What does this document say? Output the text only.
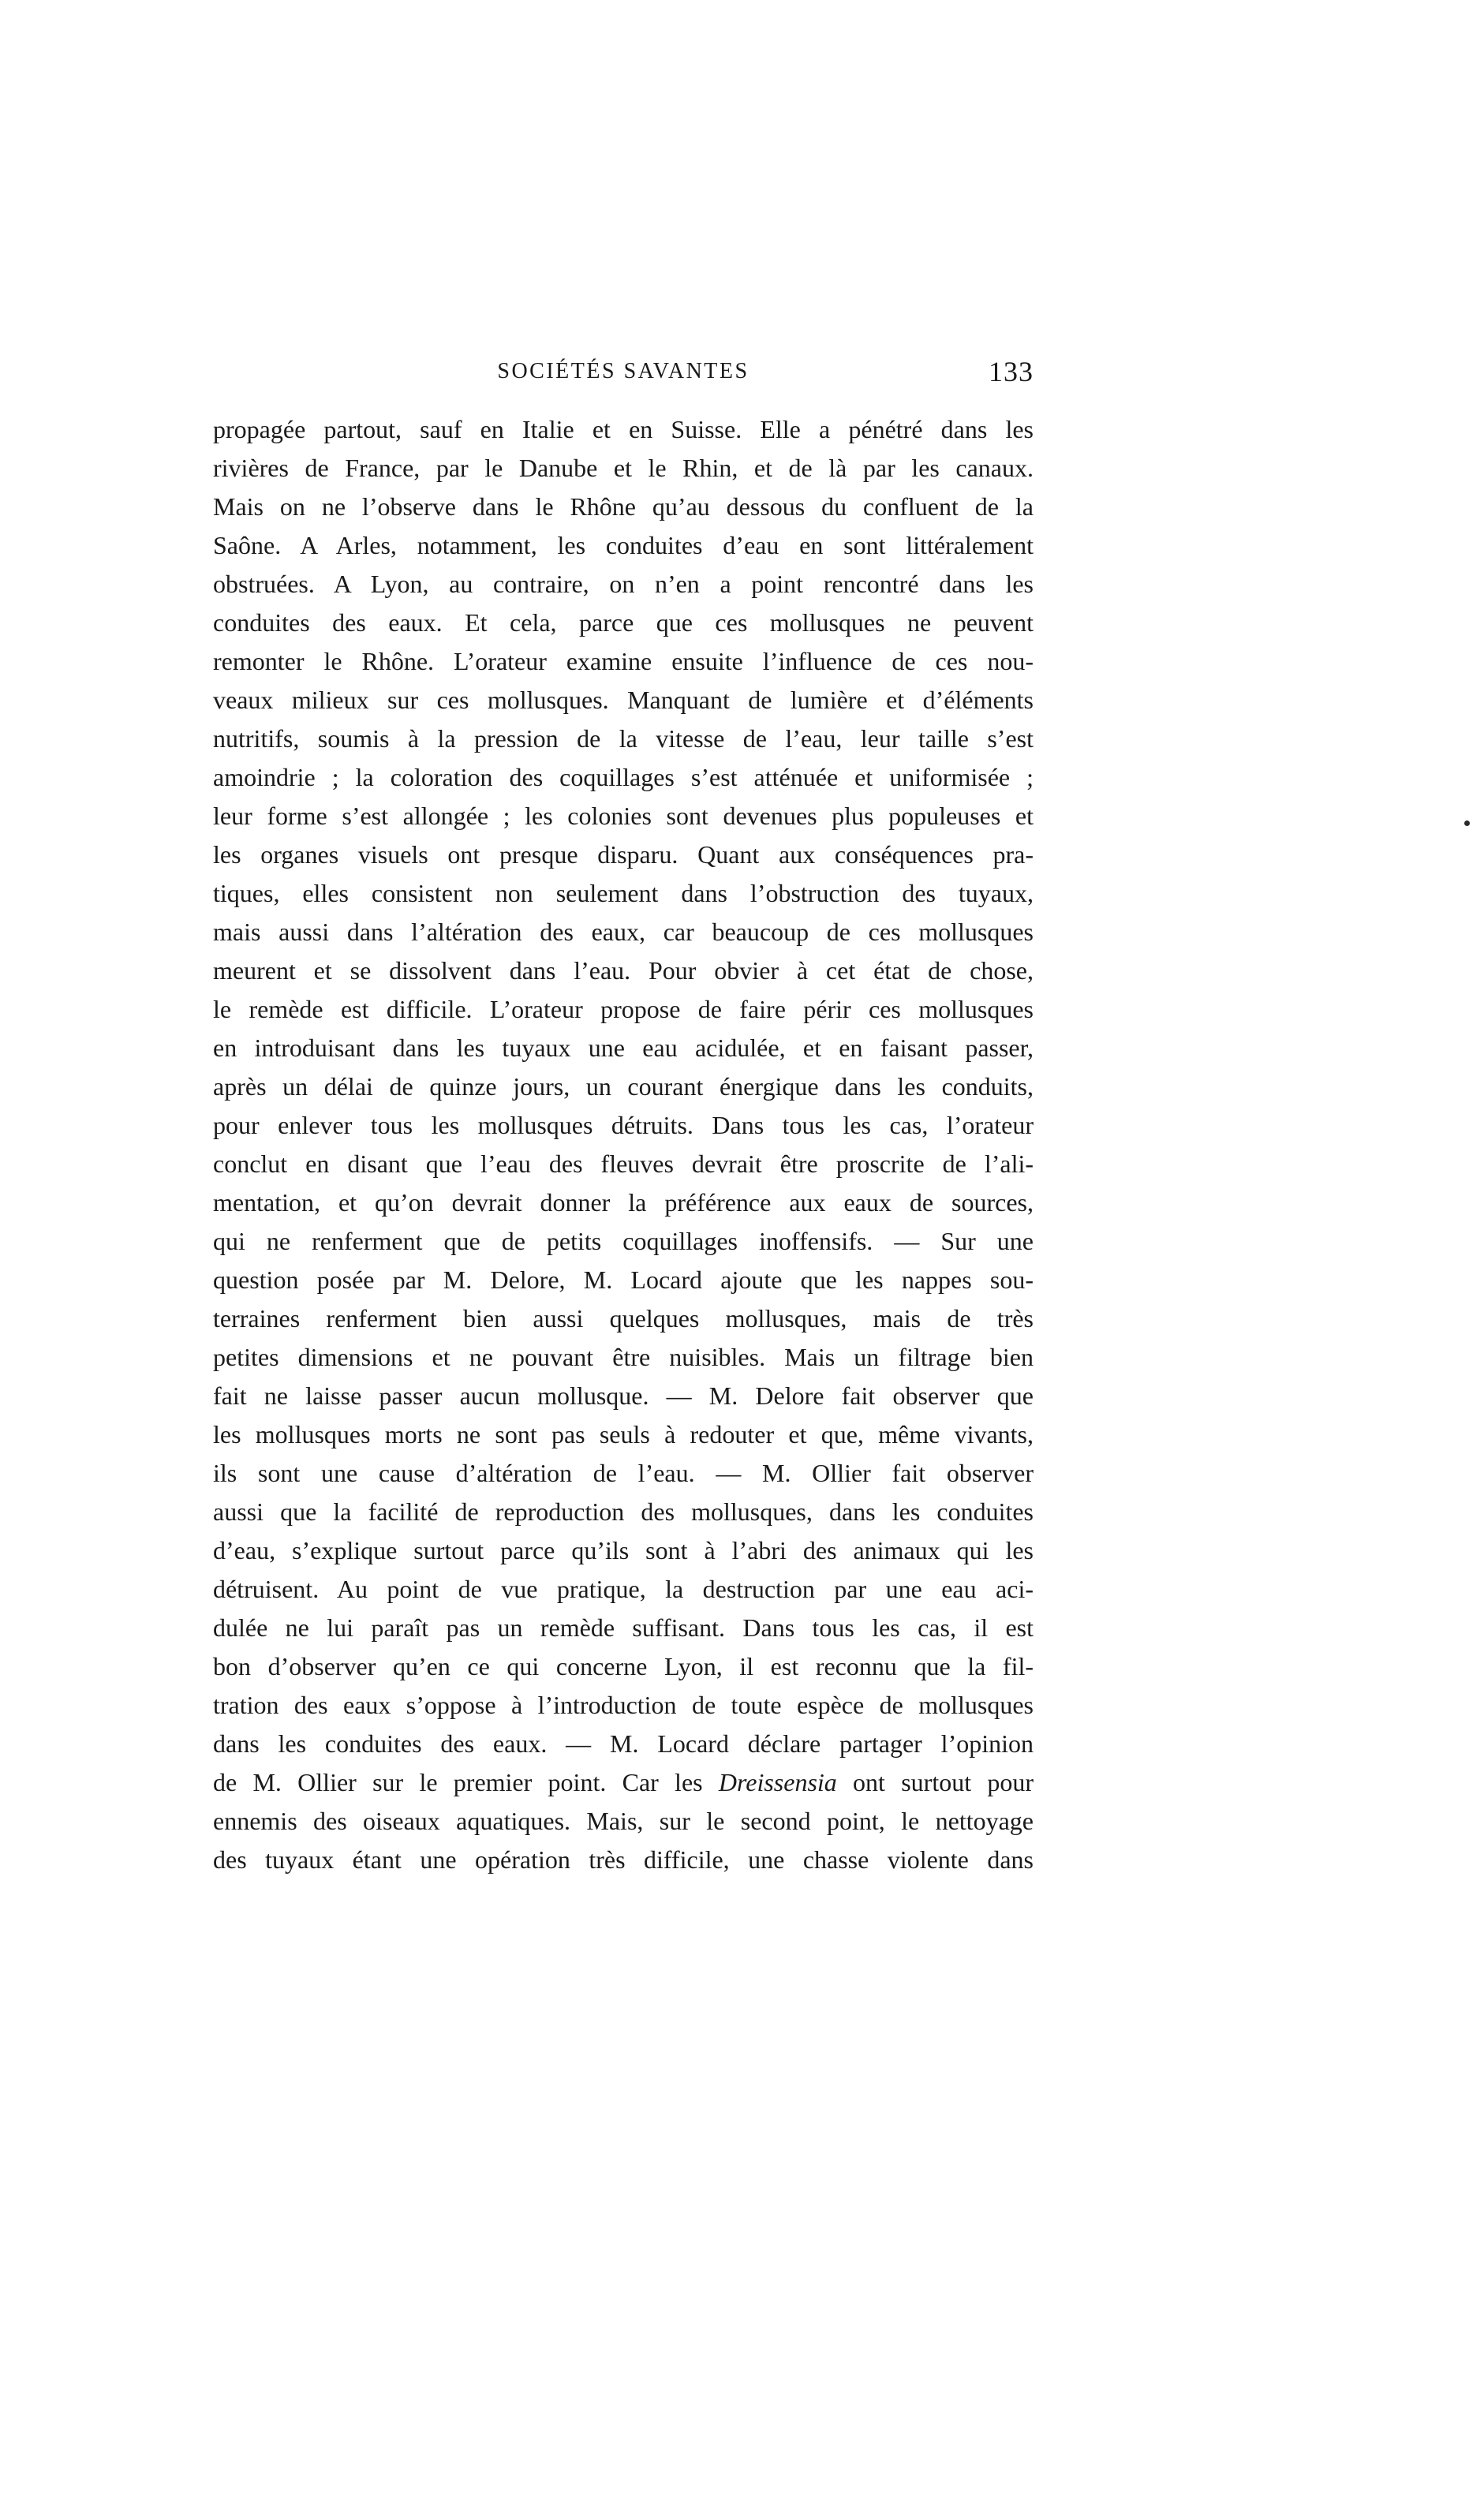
SOCIÉTÉS SAVANTES	133
propagée partout, sauf en Italie et en Suisse. Elle a pénétré dans les
rivières de France, par le Danube et le Rhin, et de là par les canaux.
Mais on ne l’observe dans le Rhône qu’au dessous du confluent de la
Saône. A Arles, notamment, les conduites d’eau en sont littéralement
obstruées. A Lyon, au contraire, on n’en a point rencontré dans les
conduites des eaux. Et cela, parce que ces mollusques ne peuvent
remonter le Rhône. L’orateur examine ensuite l’influence de ces nou-
veaux milieux sur ces mollusques. Manquant de lumière et d’éléments
nutritifs, soumis à la pression de la vitesse de l’eau, leur taille s’est
amoindrie ; la coloration des coquillages s’est atténuée et uniformisée ;
leur forme s’est allongée ; les colonies sont devenues plus populeuses et
les organes visuels ont presque disparu. Quant aux conséquences pra-
tiques, elles consistent non seulement dans l’obstruction des tuyaux,
mais aussi dans l’altération des eaux, car beaucoup de ces mollusques
meurent et se dissolvent dans l’eau. Pour obvier à cet état de chose,
le remède est difficile. L’orateur propose de faire périr ces mollusques
en introduisant dans les tuyaux une eau acidulée, et en faisant passer,
après un délai de quinze jours, un courant énergique dans les conduits,
pour enlever tous les mollusques détruits. Dans tous les cas, l’orateur
conclut en disant que l’eau des fleuves devrait être proscrite de l’ali-
mentation, et qu’on devrait donner la préférence aux eaux de sources,
qui ne renferment que de petits coquillages inoffensifs. — Sur une
question posée par M. Delore, M. Locard ajoute que les nappes sou-
terraines renferment bien aussi quelques mollusques, mais de très
petites dimensions et ne pouvant être nuisibles. Mais un filtrage bien
fait ne laisse passer aucun mollusque. — M. Delore fait observer que
les mollusques morts ne sont pas seuls à redouter et que, même vivants,
ils sont une cause d’altération de l’eau. — M. Ollier fait observer
aussi que la facilité de reproduction des mollusques, dans les conduites
d’eau, s’explique surtout parce qu’ils sont à l’abri des animaux qui les
détruisent. Au point de vue pratique, la destruction par une eau aci-
dulée ne lui paraît pas un remède suffisant. Dans tous les cas, il est
bon d’observer qu’en ce qui concerne Lyon, il est reconnu que la fil-
tration des eaux s’oppose à l’introduction de toute espèce de mollusques
dans les conduites des eaux. — M. Locard déclare partager l’opinion
de M. Ollier sur le premier point. Car les Dreissensia ont surtout pour
ennemis des oiseaux aquatiques. Mais, sur le second point, le nettoyage
des tuyaux étant une opération très difficile, une chasse violente dans
